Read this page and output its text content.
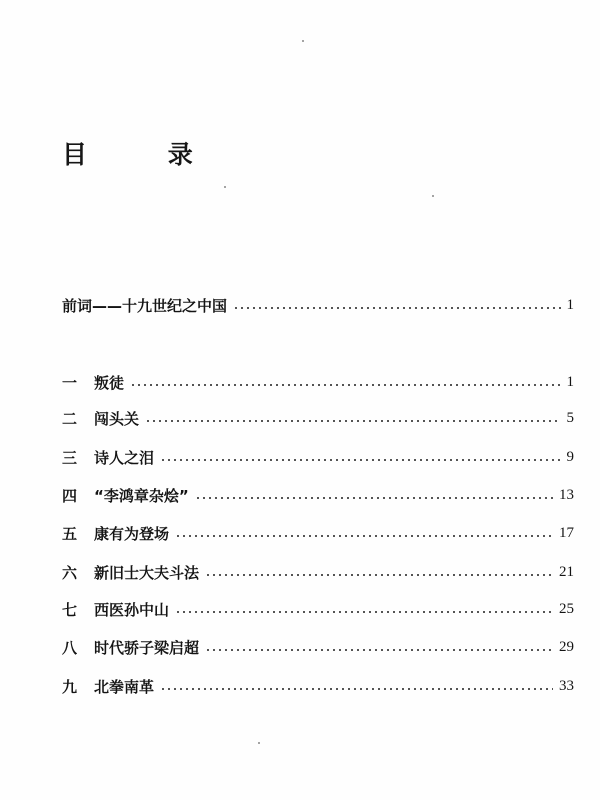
目 录
前词——十九世纪之中国	1
一	叛徒	1
二	闯头关	5
三	诗人之泪	9
四	“李鸿章杂烩”	13
五	康有为登场	17
六	新旧士大夫斗法	21
七	西医孙中山	25
八	时代骄子梁启超	29
九	北拳南革	33
